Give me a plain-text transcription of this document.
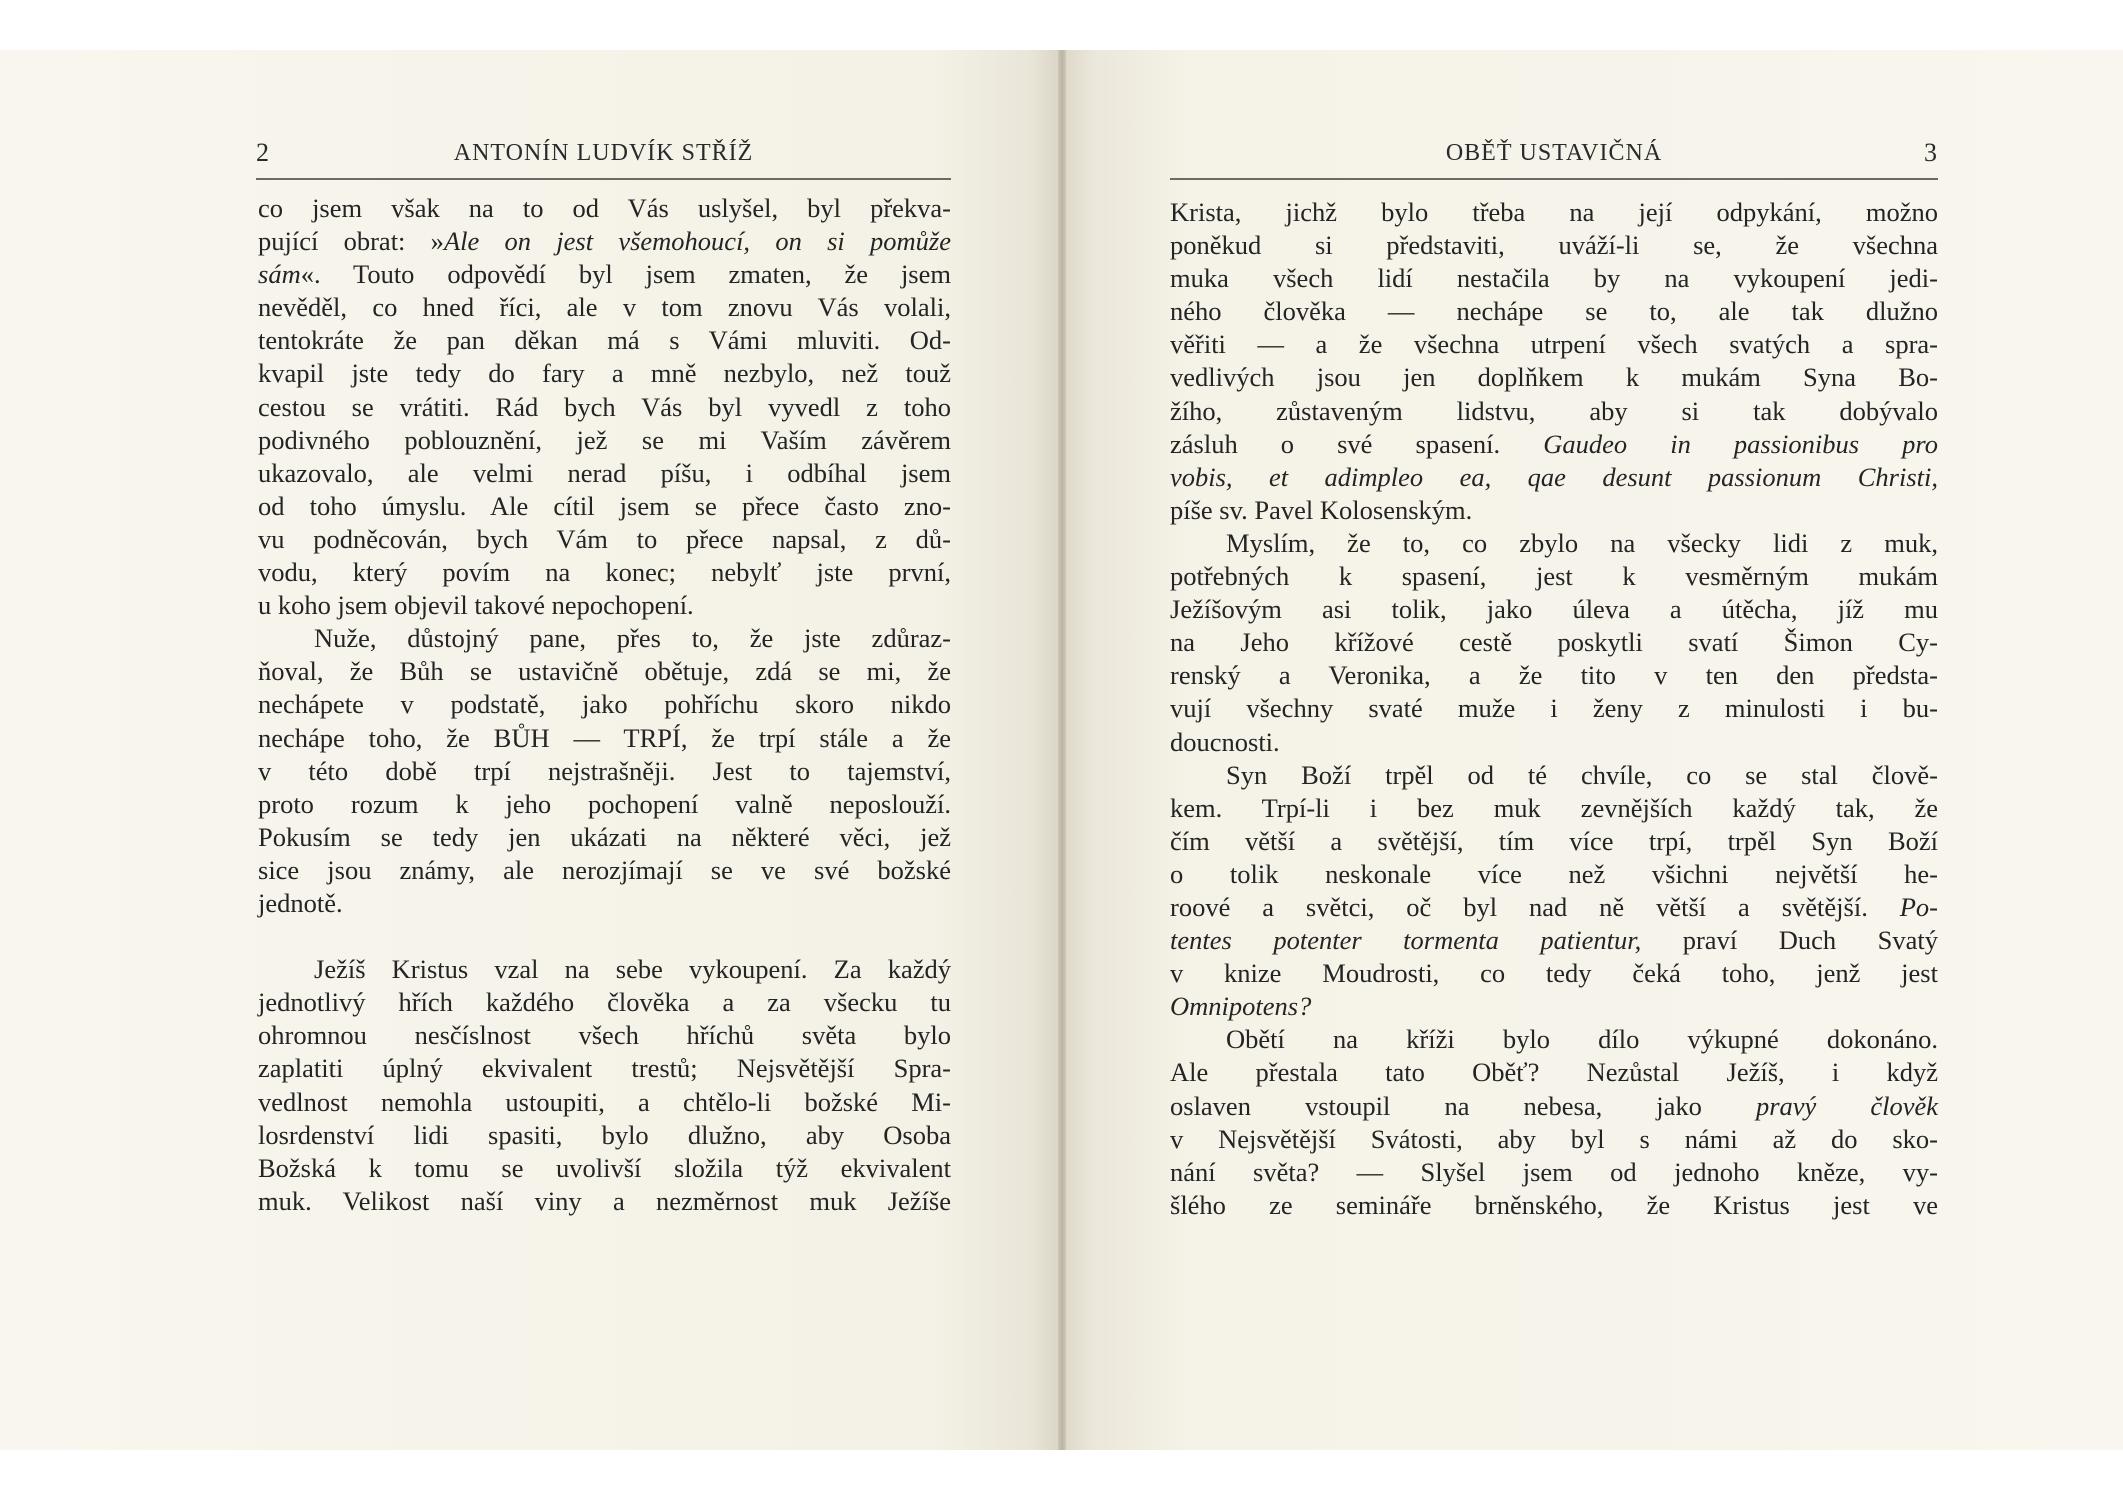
2	ANTONÍN LUDVÍK STŘÍŽ
co jsem však na to od Vás uslyšel, byl překva-
pující obrat: »Ale on jest všemohoucí, on si pomůže
sám«. Touto odpovědí byl jsem zmaten, že jsem
nevěděl, co hned říci, ale v tom znovu Vás volali,
tentokráte že pan děkan má s Vámi mluviti. Od-
kvapil jste tedy do fary a mně nezbylo, než touž
cestou se vrátiti. Rád bych Vás byl vyvedl z toho
podivného poblouznění, jež se mi Vaším závěrem
ukazovalo, ale velmi nerad píšu, i odbíhal jsem
od toho úmyslu. Ale cítil jsem se přece často zno-
vu podněcován, bych Vám to přece napsal, z dů-
vodu, který povím na konec; nebylť jste první,
u koho jsem objevil takové nepochopení.
Nuže, důstojný pane, přes to, že jste zdůraz-
ňoval, že Bůh se ustavičně obětuje, zdá se mi, že
nechápete v podstatě, jako pohříchu skoro nikdo
nechápe toho, že BŮH — TRPÍ, že trpí stále a že
v této době trpí nejstrašněji. Jest to tajemství,
proto rozum k jeho pochopení valně neposlouží.
Pokusím se tedy jen ukázati na některé věci, jež
sice jsou známy, ale nerozjímají se ve své božské
jednotě.
Ježíš Kristus vzal na sebe vykoupení. Za každý
jednotlivý hřích každého člověka a za všecku tu
ohromnou nesčíslnost všech hříchů světa bylo
zaplatiti úplný ekvivalent trestů; Nejsvětější Spra-
vedlnost nemohla ustoupiti, a chtělo-li božské Mi-
losrdenství lidi spasiti, bylo dlužno, aby Osoba
Božská k tomu se uvolivší složila týž ekvivalent
muk. Velikost naší viny a nezměrnost muk Ježíše
OBĚŤ USTAVIČNÁ	3
Krista, jichž bylo třeba na její odpykání, možno
poněkud si představiti, uváží-li se, že všechna
muka všech lidí nestačila by na vykoupení jedi-
ného člověka — nechápe se to, ale tak dlužno
věřiti — a že všechna utrpení všech svatých a spra-
vedlivých jsou jen doplňkem k mukám Syna Bo-
žího, zůstaveným lidstvu, aby si tak dobývalo
zásluh o své spasení. Gaudeo in passionibus pro
vobis, et adimpleo ea, qae desunt passionum Christi,
píše sv. Pavel Kolosenským.
Myslím, že to, co zbylo na všecky lidi z muk,
potřebných k spasení, jest k vesměrným mukám
Ježíšovým asi tolik, jako úleva a útěcha, jíž mu
na Jeho křížové cestě poskytli svatí Šimon Cy-
renský a Veronika, a že tito v ten den předsta-
vují všechny svaté muže i ženy z minulosti i bu-
doucnosti.
Syn Boží trpěl od té chvíle, co se stal člově-
kem. Trpí-li i bez muk zevnějších každý tak, že
čím větší a světější, tím více trpí, trpěl Syn Boží
o tolik neskonale více než všichni největší he-
roové a světci, oč byl nad ně větší a světější. Po-
tentes potenter tormenta patientur, praví Duch Svatý
v knize Moudrosti, co tedy čeká toho, jenž jest
Omnipotens?
Obětí na kříži bylo dílo výkupné dokonáno.
Ale přestala tato Oběť? Nezůstal Ježíš, i když
oslaven vstoupil na nebesa, jako pravý člověk
v Nejsvětější Svátosti, aby byl s námi až do sko-
nání světa? — Slyšel jsem od jednoho kněze, vy-
šlého ze semináře brněnského, že Kristus jest ve
